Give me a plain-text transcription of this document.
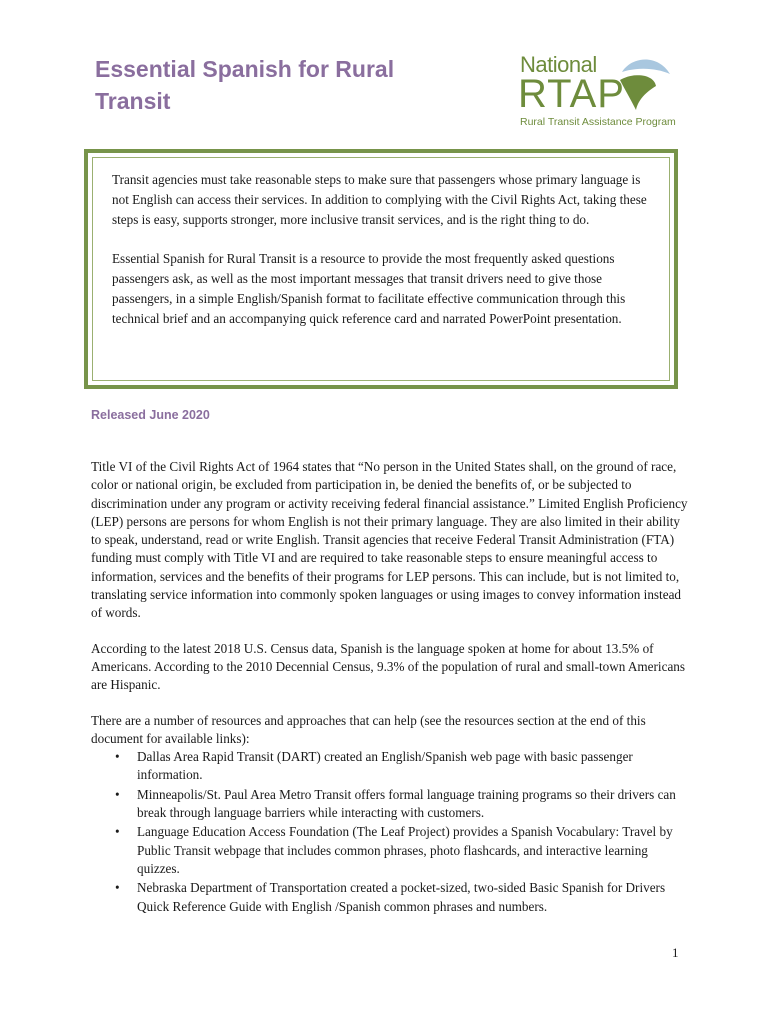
Essential Spanish for Rural Transit
National
RTAP
Rural Transit Assistance Program

Transit agencies must take reasonable steps to make sure that passengers whose primary language is not English can access their services. In addition to complying with the Civil Rights Act, taking these steps is easy, supports stronger, more inclusive transit services, and is the right thing to do.

Essential Spanish for Rural Transit is a resource to provide the most frequently asked questions passengers ask, as well as the most important messages that transit drivers need to give those passengers, in a simple English/Spanish format to facilitate effective communication through this technical brief and an accompanying quick reference card and narrated PowerPoint presentation.

Released June 2020

Title VI of the Civil Rights Act of 1964 states that “No person in the United States shall, on the ground of race, color or national origin, be excluded from participation in, be denied the benefits of, or be subjected to discrimination under any program or activity receiving federal financial assistance.” Limited English Proficiency (LEP) persons are persons for whom English is not their primary language. They are also limited in their ability to speak, understand, read or write English. Transit agencies that receive Federal Transit Administration (FTA) funding must comply with Title VI and are required to take reasonable steps to ensure meaningful access to information, services and the benefits of their programs for LEP persons. This can include, but is not limited to, translating service information into commonly spoken languages or using images to convey information instead of words.

According to the latest 2018 U.S. Census data, Spanish is the language spoken at home for about 13.5% of Americans. According to the 2010 Decennial Census, 9.3% of the population of rural and small-town Americans are Hispanic.

There are a number of resources and approaches that can help (see the resources section at the end of this document for available links):

• Dallas Area Rapid Transit (DART) created an English/Spanish web page with basic passenger information.
• Minneapolis/St. Paul Area Metro Transit offers formal language training programs so their drivers can break through language barriers while interacting with customers.
• Language Education Access Foundation (The Leaf Project) provides a Spanish Vocabulary: Travel by Public Transit webpage that includes common phrases, photo flashcards, and interactive learning quizzes.
• Nebraska Department of Transportation created a pocket-sized, two-sided Basic Spanish for Drivers Quick Reference Guide with English /Spanish common phrases and numbers.
1
